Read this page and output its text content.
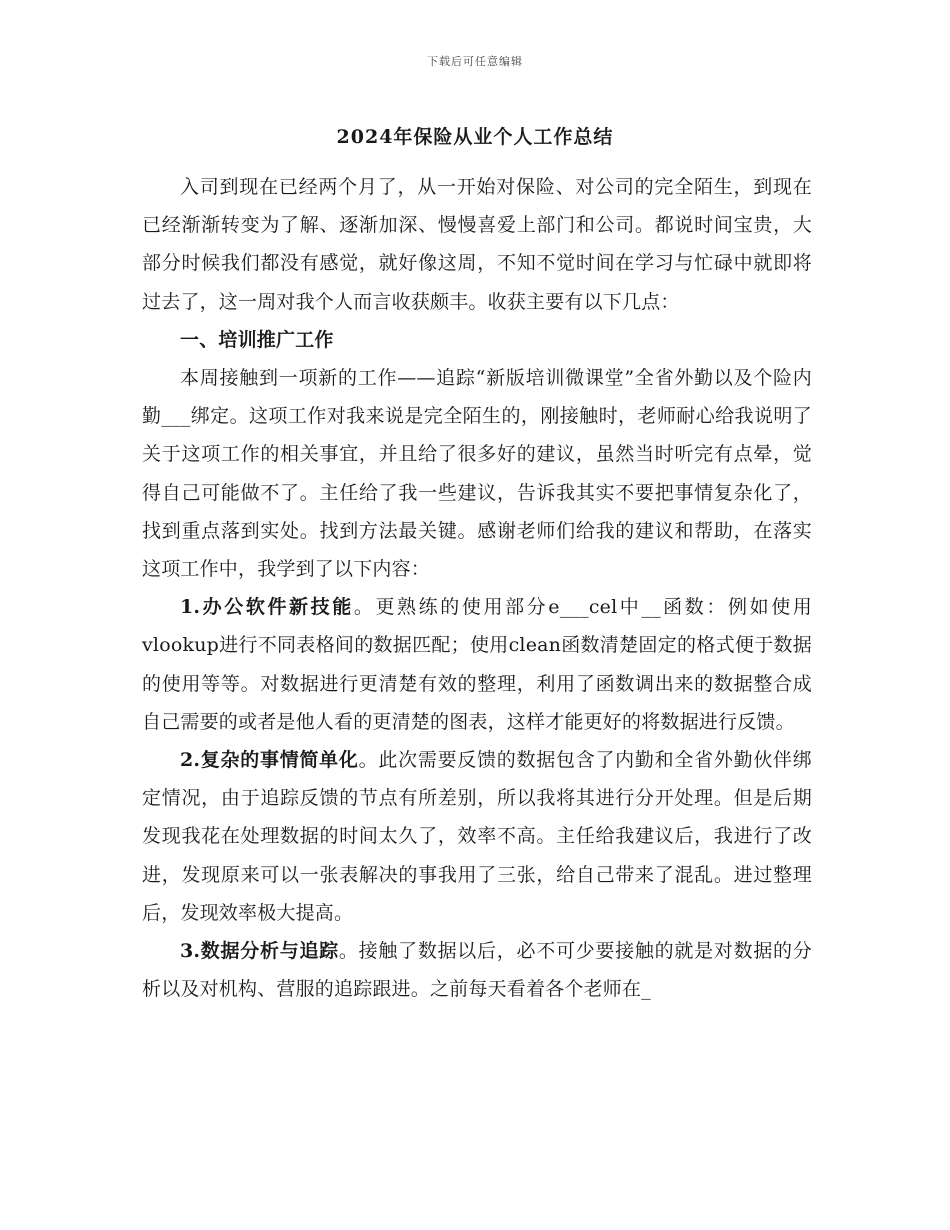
下载后可任意编辑
2024年保险从业个人工作总结

入司到现在已经两个月了，从一开始对保险、对公司的完全陌生，到现在已经渐渐转变为了解、逐渐加深、慢慢喜爱上部门和公司。都说时间宝贵，大部分时候我们都没有感觉，就好像这周，不知不觉时间在学习与忙碌中就即将过去了，这一周对我个人而言收获颇丰。收获主要有以下几点：

一、培训推广工作

本周接触到一项新的工作——追踪“新版培训微课堂”全省外勤以及个险内勤___绑定。这项工作对我来说是完全陌生的，刚接触时，老师耐心给我说明了关于这项工作的相关事宜，并且给了很多好的建议，虽然当时听完有点晕，觉得自己可能做不了。主任给了我一些建议，告诉我其实不要把事情复杂化了，找到重点落到实处。找到方法最关键。感谢老师们给我的建议和帮助，在落实这项工作中，我学到了以下内容：

1.办公软件新技能。更熟练的使用部分e___cel中__函数：例如使用vlookup进行不同表格间的数据匹配；使用clean函数清楚固定的格式便于数据的使用等等。对数据进行更清楚有效的整理，利用了函数调出来的数据整合成自己需要的或者是他人看的更清楚的图表，这样才能更好的将数据进行反馈。

2.复杂的事情简单化。此次需要反馈的数据包含了内勤和全省外勤伙伴绑定情况，由于追踪反馈的节点有所差别，所以我将其进行分开处理。但是后期发现我花在处理数据的时间太久了，效率不高。主任给我建议后，我进行了改进，发现原来可以一张表解决的事我用了三张，给自己带来了混乱。进过整理后，发现效率极大提高。

3.数据分析与追踪。接触了数据以后，必不可少要接触的就是对数据的分析以及对机构、营服的追踪跟进。之前每天看着各个老师在_
